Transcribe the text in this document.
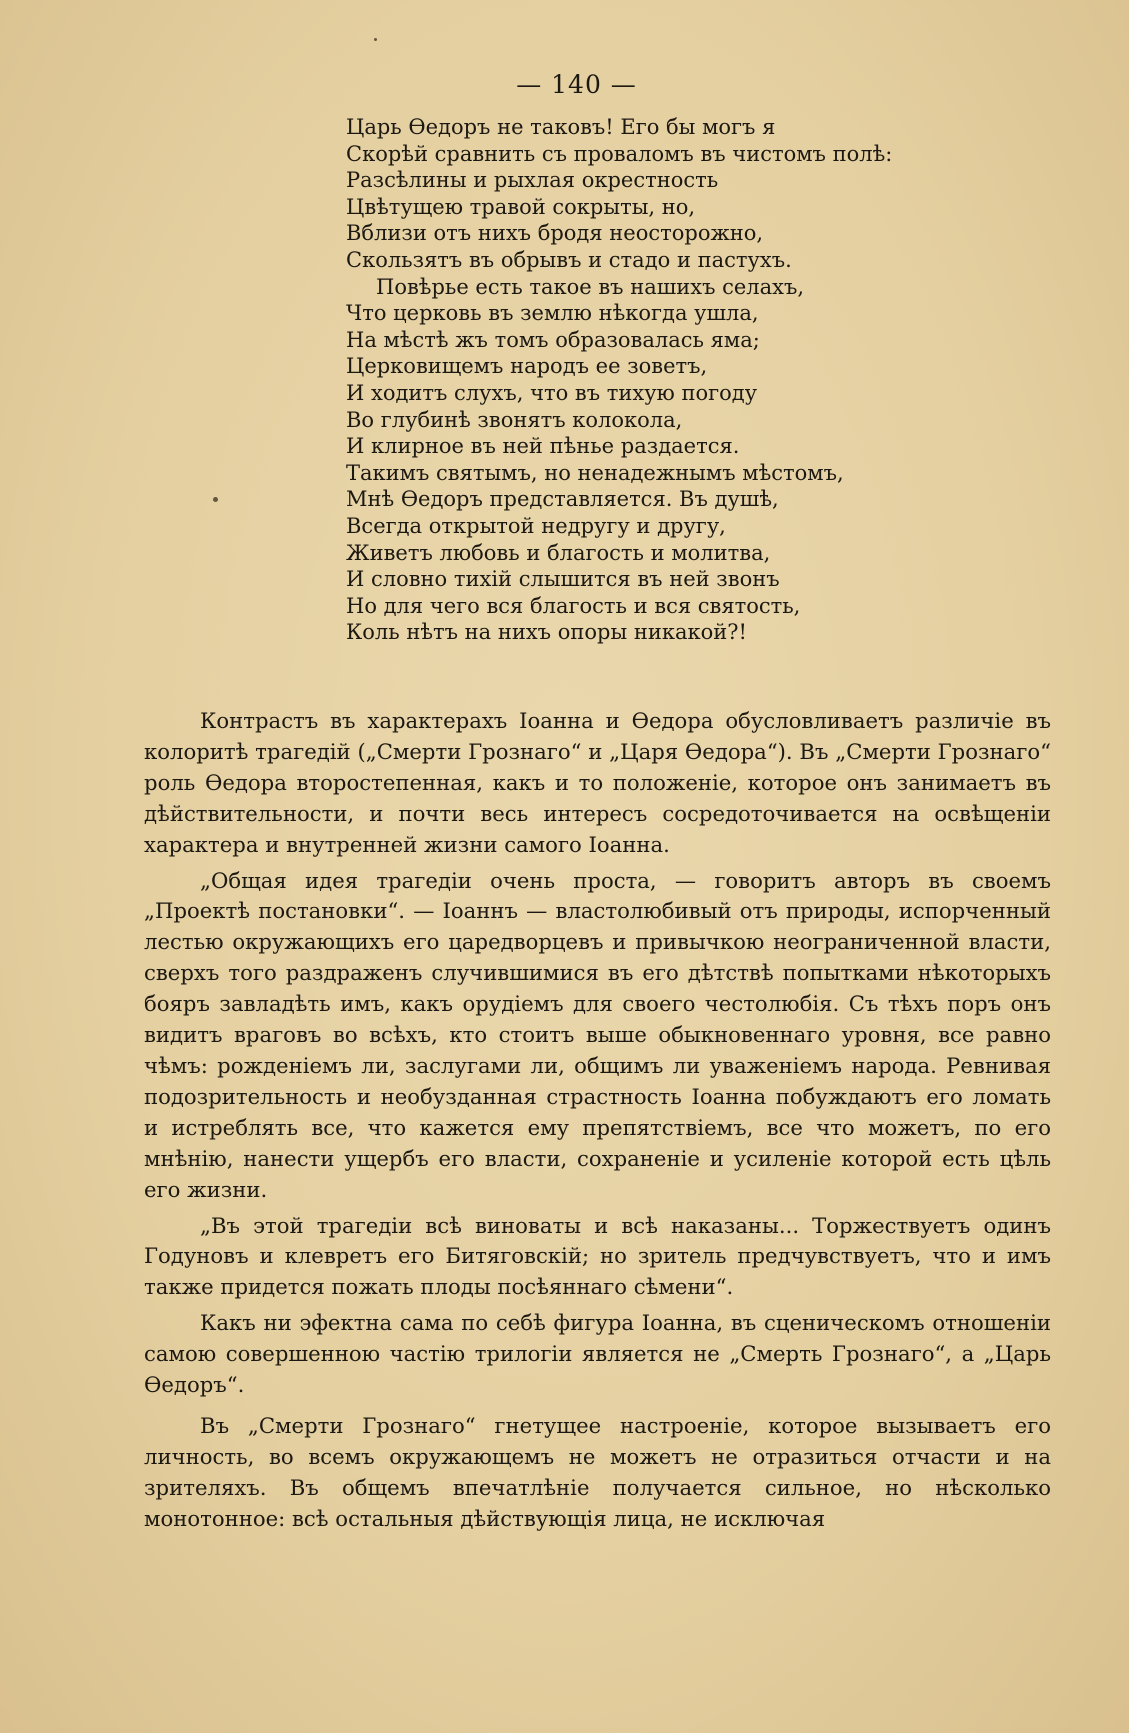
— 140 —
Царь Ѳедоръ не таковъ! Его бы могъ я
Скорѣй сравнить съ проваломъ въ чистомъ полѣ:
Разсѣлины и рыхлая окрестность
Цвѣтущею травой сокрыты, но,
Вблизи отъ нихъ бродя неосторожно,
Скользятъ въ обрывъ и стадо и пастухъ.
Повѣрье есть такое въ нашихъ селахъ,
Что церковь въ землю нѣкогда ушла,
На мѣстѣ жъ томъ образовалась яма;
Церковищемъ народъ ее зоветъ,
И ходитъ слухъ, что въ тихую погоду
Во глубинѣ звонятъ колокола,
И клирное въ ней пѣнье раздается.
Такимъ святымъ, но ненадежнымъ мѣстомъ,
Мнѣ Ѳедоръ представляется. Въ душѣ,
Всегда открытой недругу и другу,
Живетъ любовь и благость и молитва,
И словно тихій слышится въ ней звонъ
Но для чего вся благость и вся святость,
Коль нѣтъ на нихъ опоры никакой?!

Контрастъ въ характерахъ Іоанна и Ѳедора обусловливаетъ различіе въ колоритѣ трагедій („Смерти Грознаго“ и „Царя Ѳедора“). Въ „Смерти Грознаго“ роль Ѳедора второстепенная, какъ и то положеніе, которое онъ занимаетъ въ дѣйствительности, и почти весь интересъ сосредоточивается на освѣщеніи характера и внутренней жизни самого Іоанна.

„Общая идея трагедіи очень проста, — говоритъ авторъ въ своемъ „Проектѣ постановки“. — Іоаннъ — властолюбивый отъ природы, испорченный лестью окружающихъ его царедворцевъ и привычкою неограниченной власти, сверхъ того раздраженъ случившимися въ его дѣтствѣ попытками нѣкоторыхъ бояръ завладѣть имъ, какъ орудіемъ для своего честолюбія. Съ тѣхъ поръ онъ видитъ враговъ во всѣхъ, кто стоитъ выше обыкновеннаго уровня, все равно чѣмъ: рожденіемъ ли, заслугами ли, общимъ ли уваженіемъ народа. Ревнивая подозрительность и необузданная страстность Іоанна побуждаютъ его ломать и истреблять все, что кажется ему препятствіемъ, все что можетъ, по его мнѣнію, нанести ущербъ его власти, сохраненіе и усиленіе которой есть цѣль его жизни.

„Въ этой трагедіи всѣ виноваты и всѣ наказаны... Торжествуетъ одинъ Годуновъ и клевретъ его Битяговскій; но зритель предчувствуетъ, что и имъ также придется пожать плоды посѣяннаго сѣмени“.

Какъ ни эфектна сама по себѣ фигура Іоанна, въ сценическомъ отношеніи самою совершенною частію трилогіи является не „Смерть Грознаго“, а „Царь Ѳедоръ“.

Въ „Смерти Грознаго“ гнетущее настроеніе, которое вызываетъ его личность, во всемъ окружающемъ не можетъ не отразиться отчасти и на зрителяхъ. Въ общемъ впечатлѣніе получается сильное, но нѣсколько монотонное: всѣ остальныя дѣйствующія лица, не исключая
